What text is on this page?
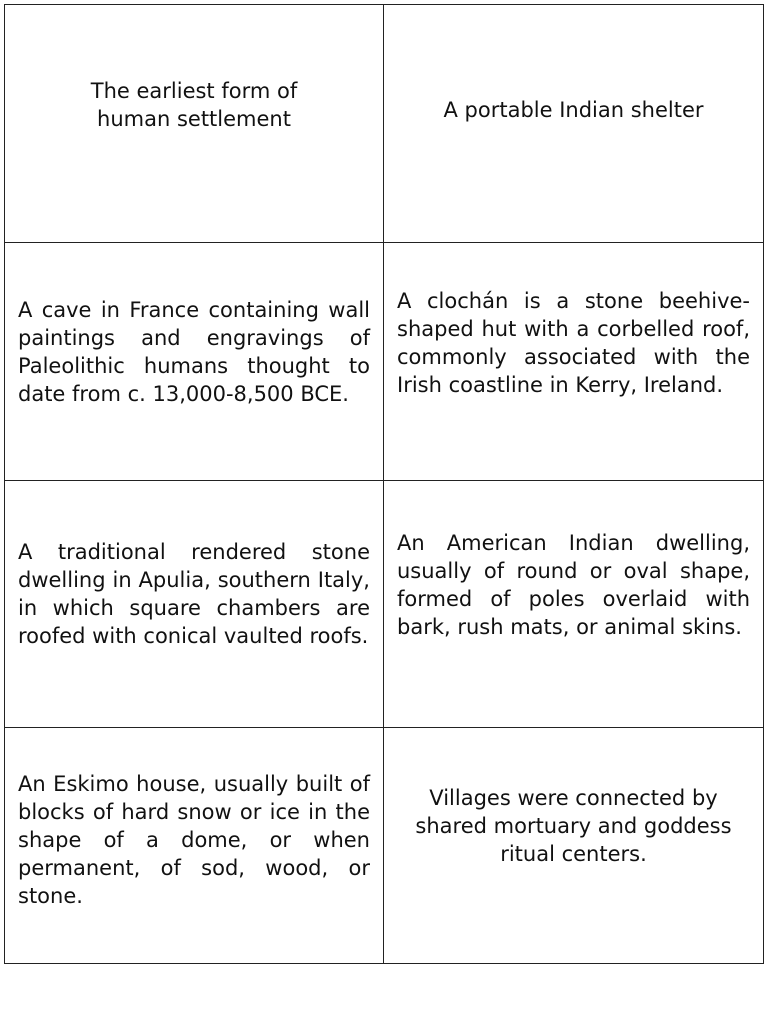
The earliest form of human settlement	A portable Indian shelter

A cave in France containing wall paintings and engravings of Paleolithic humans thought to date from c. 13,000-8,500 BCE.	A clochán is a stone beehive-shaped hut with a corbelled roof, commonly associated with the Irish coastline in Kerry, Ireland.

A traditional rendered stone dwelling in Apulia, southern Italy, in which square chambers are roofed with conical vaulted roofs.	An American Indian dwelling, usually of round or oval shape, formed of poles overlaid with bark, rush mats, or animal skins.

An Eskimo house, usually built of blocks of hard snow or ice in the shape of a dome, or when permanent, of sod, wood, or stone.	Villages were connected by shared mortuary and goddess ritual centers.
